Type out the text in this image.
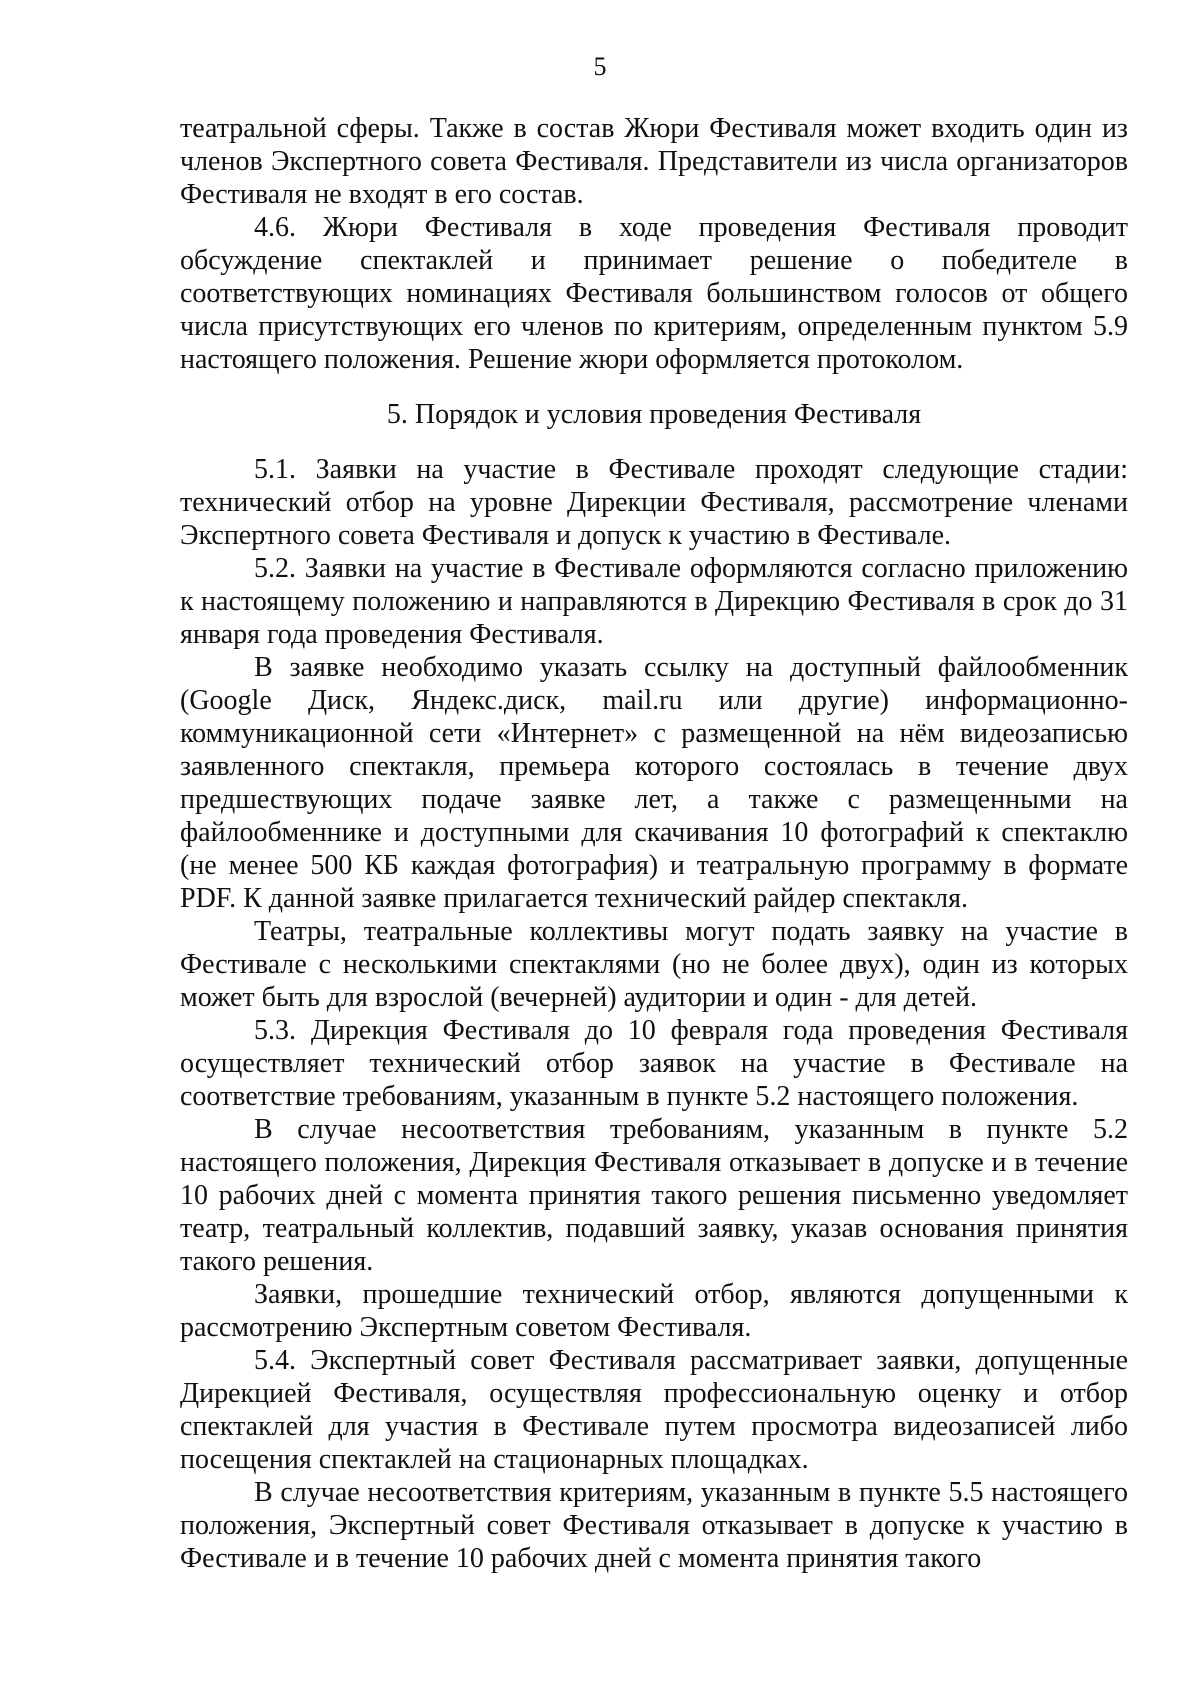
5

театральной сферы. Также в состав Жюри Фестиваля может входить один из членов Экспертного совета Фестиваля. Представители из числа организаторов Фестиваля не входят в его состав.

4.6. Жюри Фестиваля в ходе проведения Фестиваля проводит обсуждение спектаклей и принимает решение о победителе в соответствующих номинациях Фестиваля большинством голосов от общего числа присутствующих его членов по критериям, определенным пунктом 5.9 настоящего положения. Решение жюри оформляется протоколом.

5. Порядок и условия проведения Фестиваля

5.1. Заявки на участие в Фестивале проходят следующие стадии: технический отбор на уровне Дирекции Фестиваля, рассмотрение членами Экспертного совета Фестиваля и допуск к участию в Фестивале.

5.2. Заявки на участие в Фестивале оформляются согласно приложению к настоящему положению и направляются в Дирекцию Фестиваля в срок до 31 января года проведения Фестиваля.

В заявке необходимо указать ссылку на доступный файлообменник (Google Диск, Яндекс.диск, mail.ru или другие) информационно-коммуникационной сети «Интернет» с размещенной на нём видеозаписью заявленного спектакля, премьера которого состоялась в течение двух предшествующих подаче заявке лет, а также с размещенными на файлообменнике и доступными для скачивания 10 фотографий к спектаклю (не менее 500 КБ каждая фотография) и театральную программу в формате PDF. К данной заявке прилагается технический райдер спектакля.

Театры, театральные коллективы могут подать заявку на участие в Фестивале с несколькими спектаклями (но не более двух), один из которых может быть для взрослой (вечерней) аудитории и один - для детей.

5.3. Дирекция Фестиваля до 10 февраля года проведения Фестиваля осуществляет технический отбор заявок на участие в Фестивале на соответствие требованиям, указанным в пункте 5.2 настоящего положения.

В случае несоответствия требованиям, указанным в пункте 5.2 настоящего положения, Дирекция Фестиваля отказывает в допуске и в течение 10 рабочих дней с момента принятия такого решения письменно уведомляет театр, театральный коллектив, подавший заявку, указав основания принятия такого решения.

Заявки, прошедшие технический отбор, являются допущенными к рассмотрению Экспертным советом Фестиваля.

5.4. Экспертный совет Фестиваля рассматривает заявки, допущенные Дирекцией Фестиваля, осуществляя профессиональную оценку и отбор спектаклей для участия в Фестивале путем просмотра видеозаписей либо посещения спектаклей на стационарных площадках.

В случае несоответствия критериям, указанным в пункте 5.5 настоящего положения, Экспертный совет Фестиваля отказывает в допуске к участию в Фестивале и в течение 10 рабочих дней с момента принятия такого
